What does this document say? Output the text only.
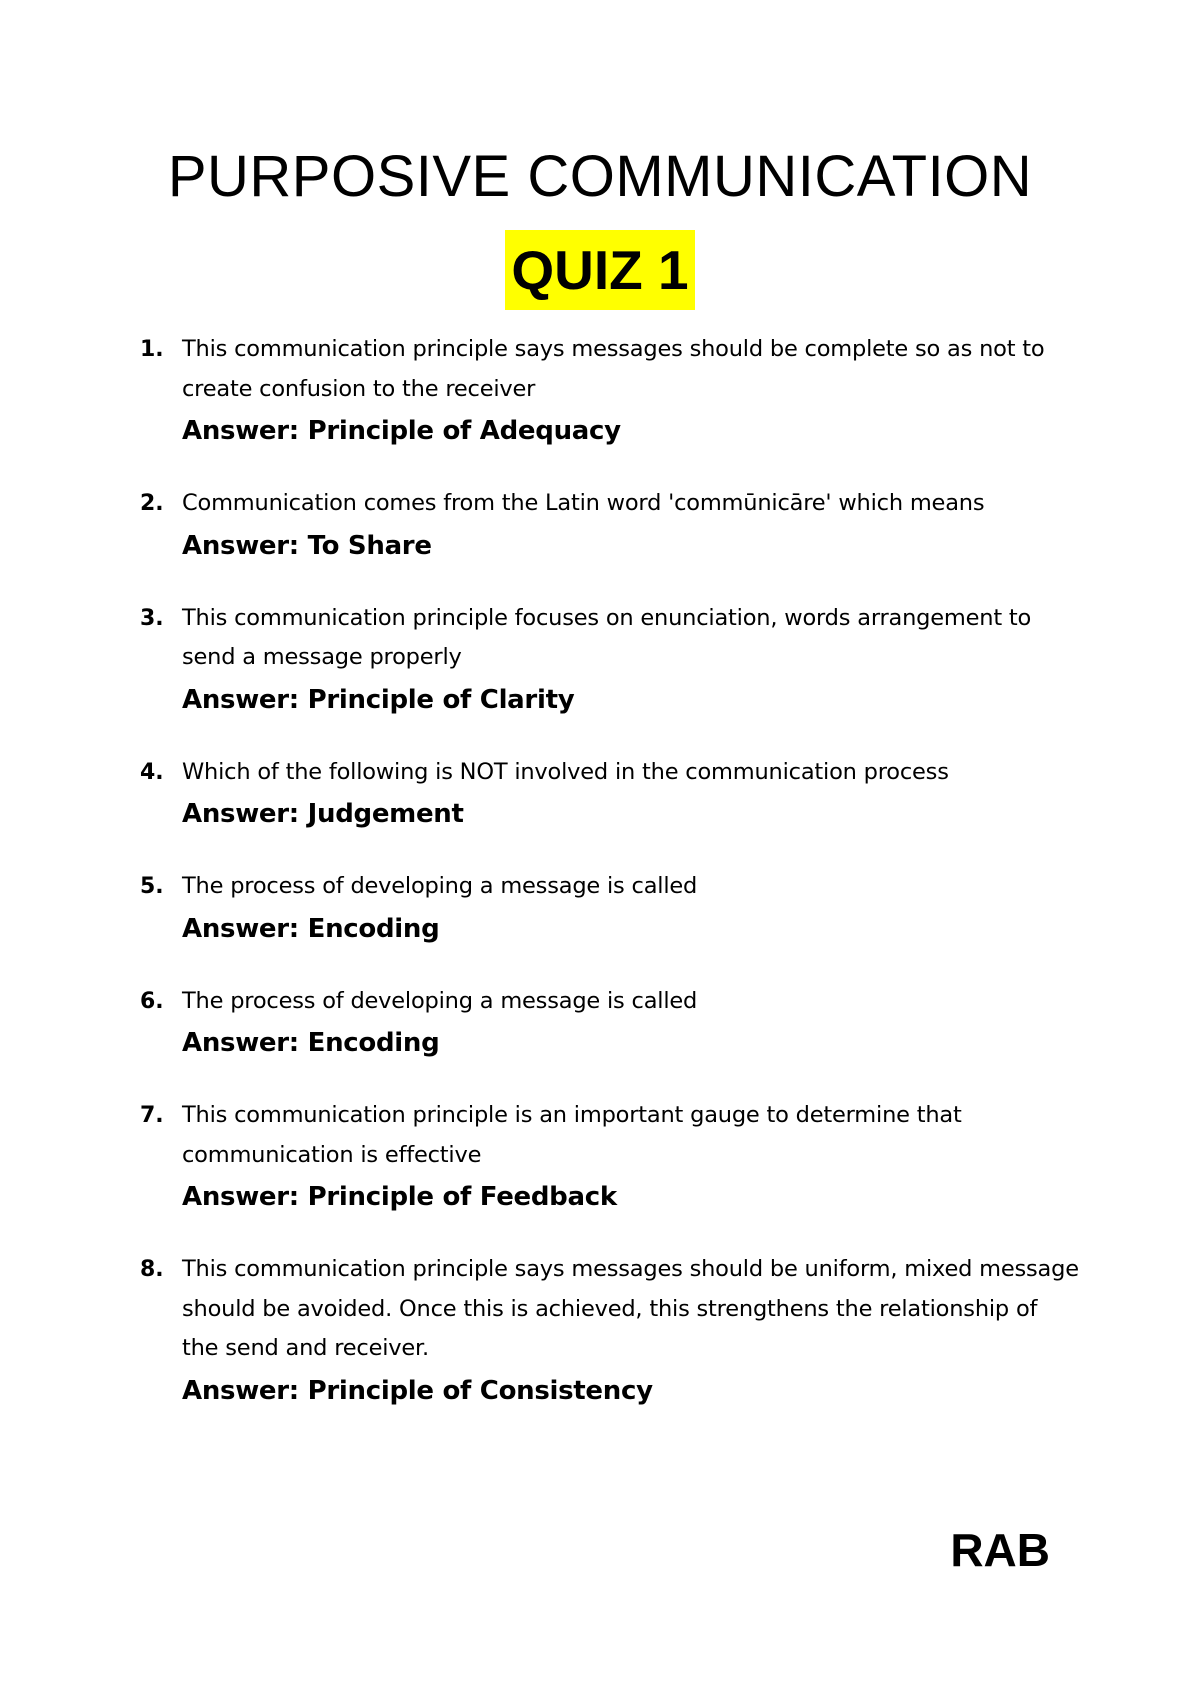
PURPOSIVE COMMUNICATION
QUIZ 1
1. This communication principle says messages should be complete so as not to create confusion to the receiver
Answer: Principle of Adequacy
2. Communication comes from the Latin word 'commūnicāre' which means
Answer: To Share
3. This communication principle focuses on enunciation, words arrangement to send a message properly
Answer: Principle of Clarity
4. Which of the following is NOT involved in the communication process
Answer: Judgement
5. The process of developing a message is called
Answer: Encoding
6. The process of developing a message is called
Answer: Encoding
7. This communication principle is an important gauge to determine that communication is effective
Answer: Principle of Feedback
8. This communication principle says messages should be uniform, mixed message should be avoided. Once this is achieved, this strengthens the relationship of the send and receiver.
Answer: Principle of Consistency
RAB
